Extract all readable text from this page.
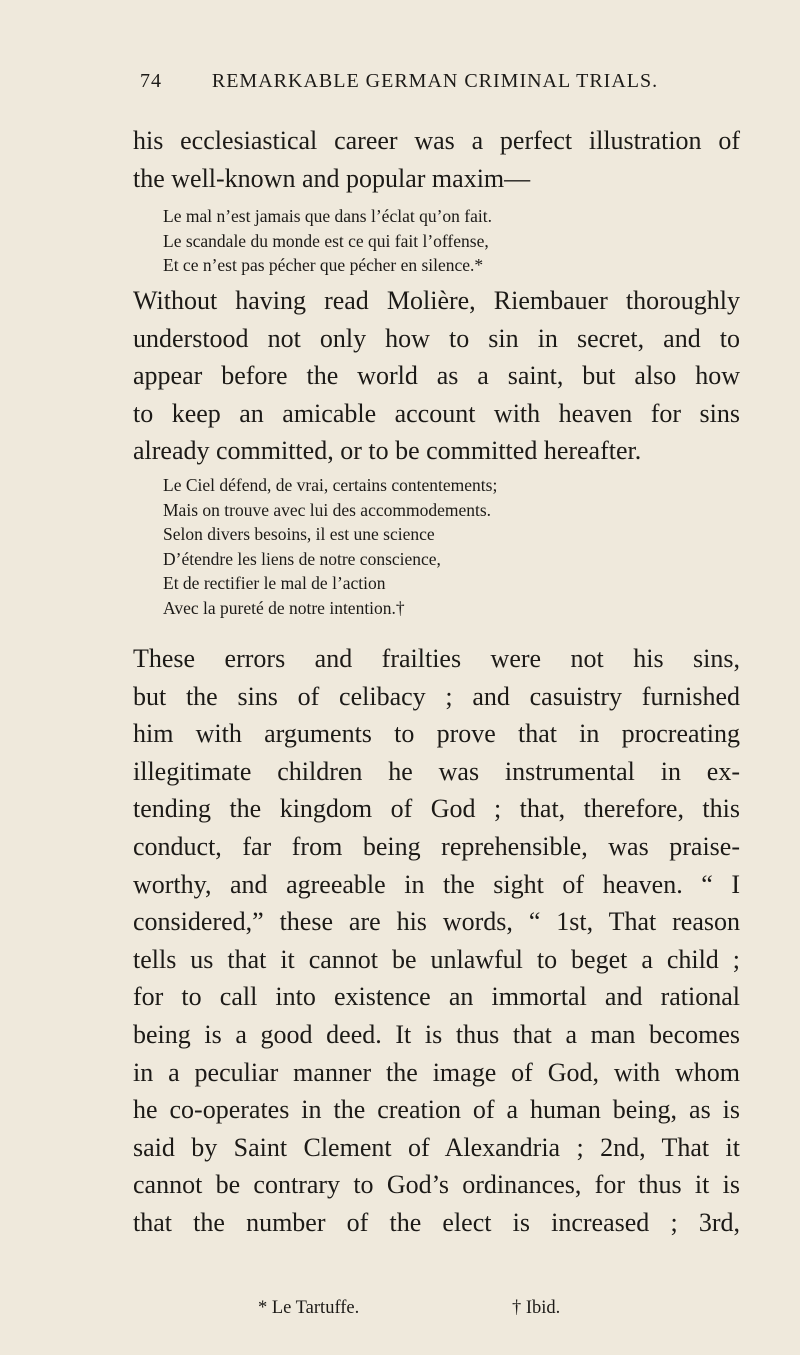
74	REMARKABLE GERMAN CRIMINAL TRIALS.
his ecclesiastical career was a perfect illustration of
the well-known and popular maxim—
Le mal n’est jamais que dans l’éclat qu’on fait.
Le scandale du monde est ce qui fait l’offense,
Et ce n’est pas pécher que pécher en silence.*
Without having read Molière, Riembauer thoroughly
understood not only how to sin in secret, and to
appear before the world as a saint, but also how
to keep an amicable account with heaven for sins
already committed, or to be committed hereafter.
Le Ciel défend, de vrai, certains contentements;
Mais on trouve avec lui des accommodements.
Selon divers besoins, il est une science
D’étendre les liens de notre conscience,
Et de rectifier le mal de l’action
Avec la pureté de notre intention.†
These errors and frailties were not his sins,
but the sins of celibacy ; and casuistry furnished
him with arguments to prove that in procreating
illegitimate children he was instrumental in ex-
tending the kingdom of God ; that, therefore, this
conduct, far from being reprehensible, was praise-
worthy, and agreeable in the sight of heaven. “ I
considered,” these are his words, “ 1st, That reason
tells us that it cannot be unlawful to beget a child ;
for to call into existence an immortal and rational
being is a good deed. It is thus that a man becomes
in a peculiar manner the image of God, with whom
he co-operates in the creation of a human being, as is
said by Saint Clement of Alexandria ; 2nd, That it
cannot be contrary to God’s ordinances, for thus it is
that the number of the elect is increased ; 3rd,
* Le Tartuffe.	† Ibid.
